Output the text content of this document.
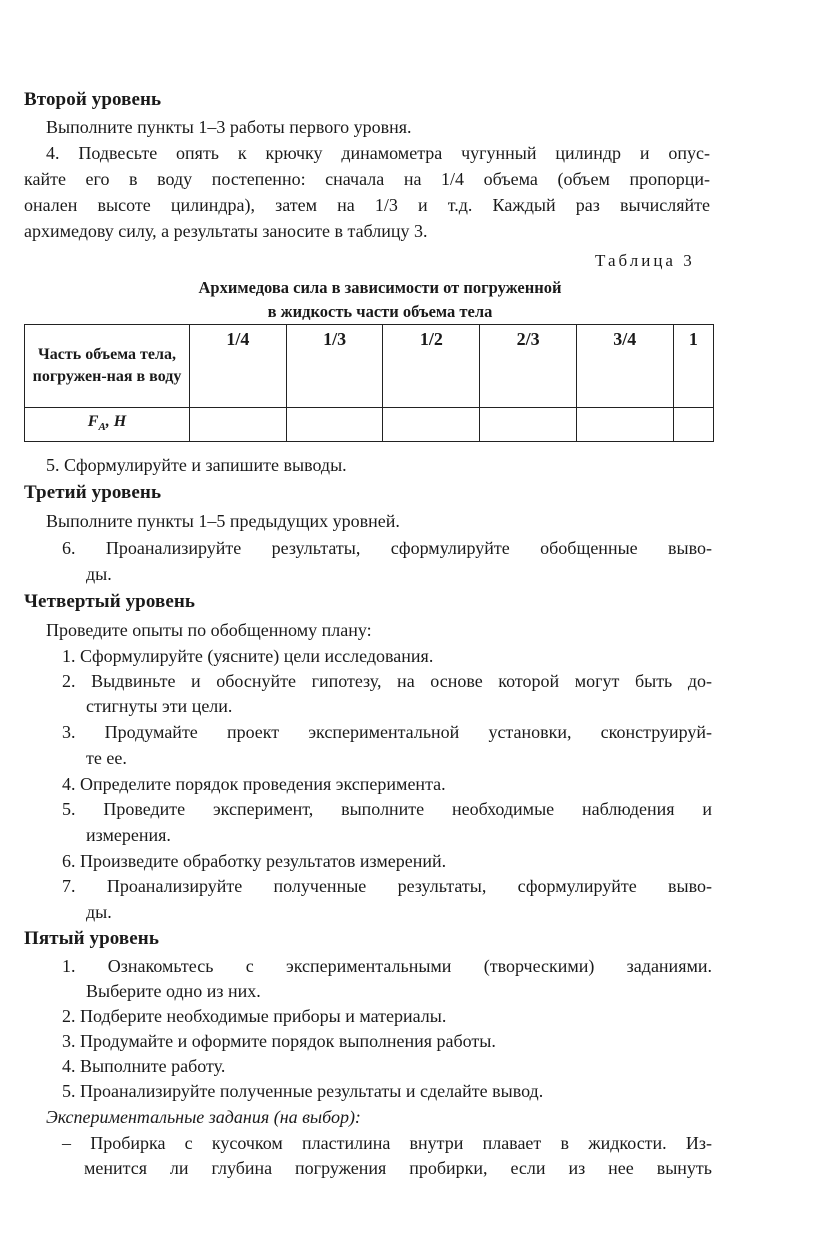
Второй уровень
Выполните пункты 1–3 работы первого уровня.
4. Подвесьте опять к крючку динамометра чугунный цилиндр и опус-
кайте его в воду постепенно: сначала на 1/4 объема (объем пропорци-
онален высоте цилиндра), затем на 1/3 и т.д. Каждый раз вычисляйте
архимедову силу, а результаты заносите в таблицу 3.
Таблица 3
Архимедова сила в зависимости от погруженной
в жидкость части объема тела
Часть объема тела, погружен-ная в воду	1/4	1/3	1/2	2/3	3/4	1
$F_A$, Н						
5. Сформулируйте и запишите выводы.
Третий уровень
Выполните пункты 1–5 предыдущих уровней.
6. Проанализируйте результаты, сформулируйте обобщенные выво-
ды.
Четвертый уровень
Проведите опыты по обобщенному плану:
1. Сформулируйте (уясните) цели исследования.
2. Выдвиньте и обоснуйте гипотезу, на основе которой могут быть до-
стигнуты эти цели.
3. Продумайте проект экспериментальной установки, сконструируй-
те ее.
4. Определите порядок проведения эксперимента.
5. Проведите эксперимент, выполните необходимые наблюдения и
измерения.
6. Произведите обработку результатов измерений.
7. Проанализируйте полученные результаты, сформулируйте выво-
ды.
Пятый уровень
1. Ознакомьтесь с экспериментальными (творческими) заданиями.
Выберите одно из них.
2. Подберите необходимые приборы и материалы.
3. Продумайте и оформите порядок выполнения работы.
4. Выполните работу.
5. Проанализируйте полученные результаты и сделайте вывод.
Экспериментальные задания (на выбор):
– Пробирка с кусочком пластилина внутри плавает в жидкости. Из-
менится ли глубина погружения пробирки, если из нее вынуть
